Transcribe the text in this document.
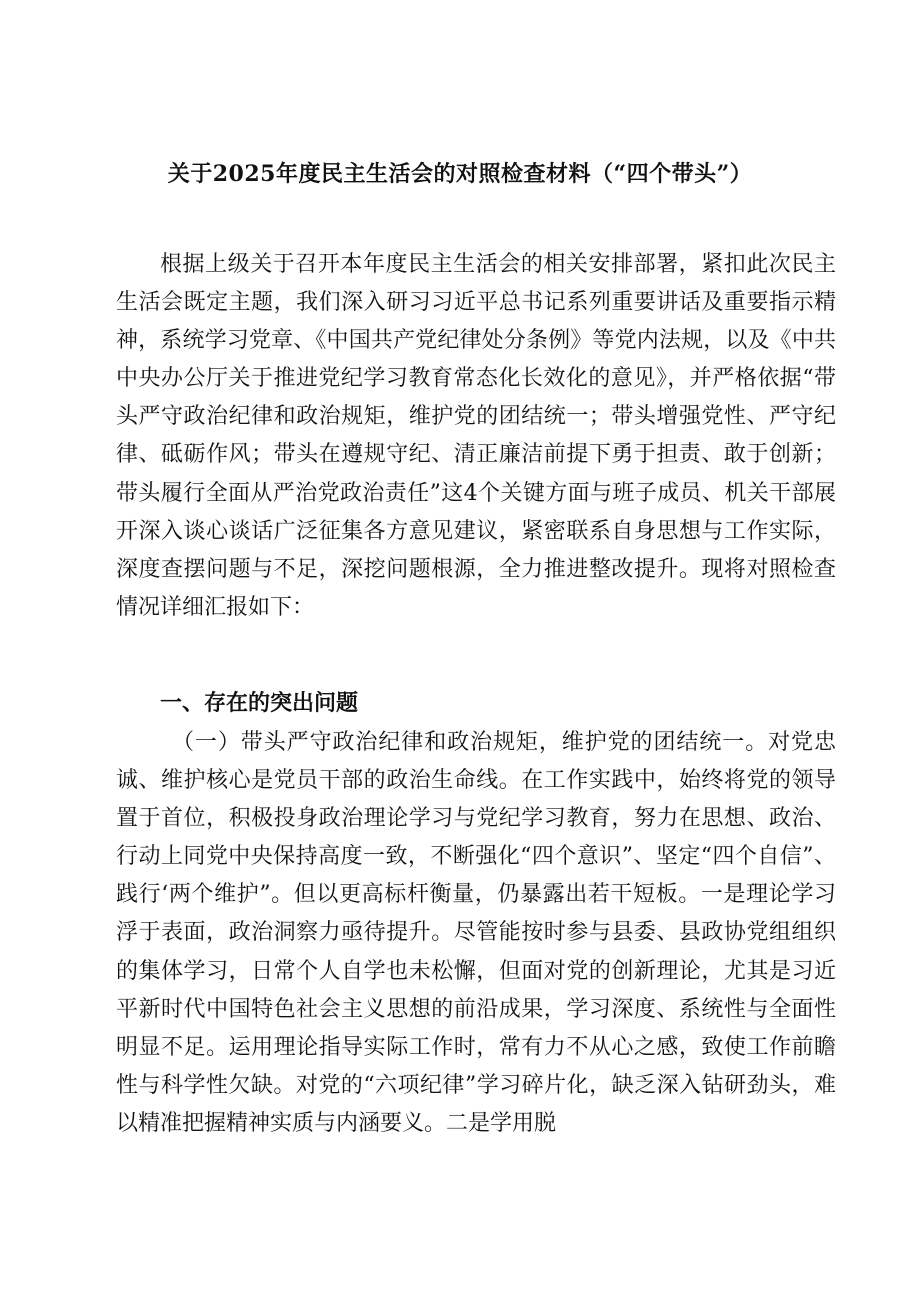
关于2025年度民主生活会的对照检查材料（“四个带头”）

根据上级关于召开本年度民主生活会的相关安排部署，紧扣此次民主生活会既定主题，我们深入研习习近平总书记系列重要讲话及重要指示精神，系统学习党章、《中国共产党纪律处分条例》等党内法规，以及《中共中央办公厅关于推进党纪学习教育常态化长效化的意见》，并严格依据“带头严守政治纪律和政治规矩，维护党的团结统一；带头增强党性、严守纪律、砥砺作风；带头在遵规守纪、清正廉洁前提下勇于担责、敢于创新；带头履行全面从严治党政治责任”这4个关键方面与班子成员、机关干部展开深入谈心谈话广泛征集各方意见建议，紧密联系自身思想与工作实际，深度查摆问题与不足，深挖问题根源，全力推进整改提升。现将对照检查情况详细汇报如下：

一、存在的突出问题

（一）带头严守政治纪律和政治规矩，维护党的团结统一。对党忠诚、维护核心是党员干部的政治生命线。在工作实践中，始终将党的领导置于首位，积极投身政治理论学习与党纪学习教育，努力在思想、政治、行动上同党中央保持高度一致，不断强化“四个意识”、坚定“四个自信”、践行‘两个维护”。但以更高标杆衡量，仍暴露出若干短板。一是理论学习浮于表面，政治洞察力亟待提升。尽管能按时参与县委、县政协党组组织的集体学习，日常个人自学也未松懈，但面对党的创新理论，尤其是习近平新时代中国特色社会主义思想的前沿成果，学习深度、系统性与全面性明显不足。运用理论指导实际工作时，常有力不从心之感，致使工作前瞻性与科学性欠缺。对党的“六项纪律”学习碎片化，缺乏深入钻研劲头，难以精准把握精神实质与内涵要义。二是学用脱
